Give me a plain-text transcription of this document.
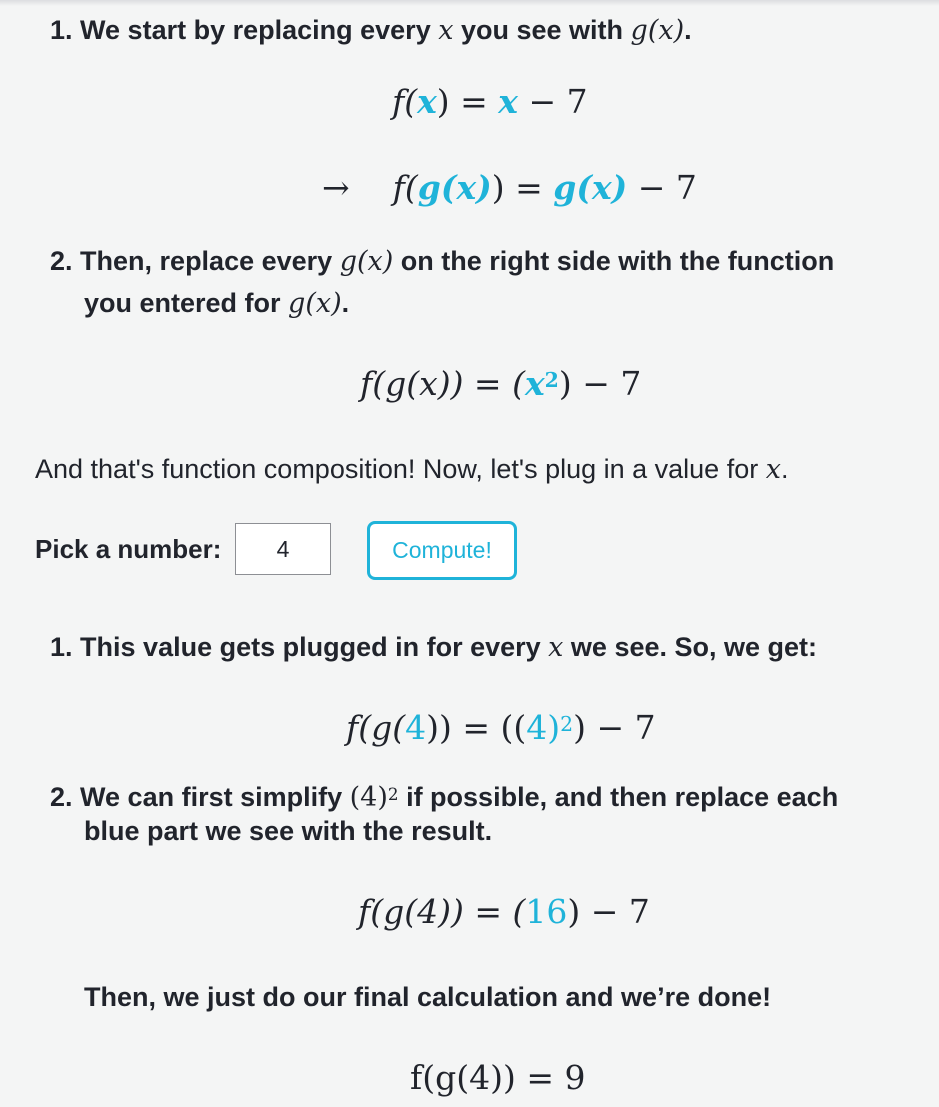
1. We start by replacing every x you see with g(x).
f(x) = x − 7
→ f(g(x)) = g(x) − 7
2. Then, replace every g(x) on the right side with the function
you entered for g(x).
$f(g(x)) = (x^2) - 7$
And that's function composition! Now, let's plug in a value for x.
Pick a number:
4	Compute!
1. This value gets plugged in for every x we see. So, we get:
$f(g(4)) = ((4)^2) - 7$
2. We can first simplify $(4)^2$ if possible, and then replace each
blue part we see with the result.
f(g(4)) = (16) − 7
Then, we just do our final calculation and we’re done!
f(g(4)) = 9
